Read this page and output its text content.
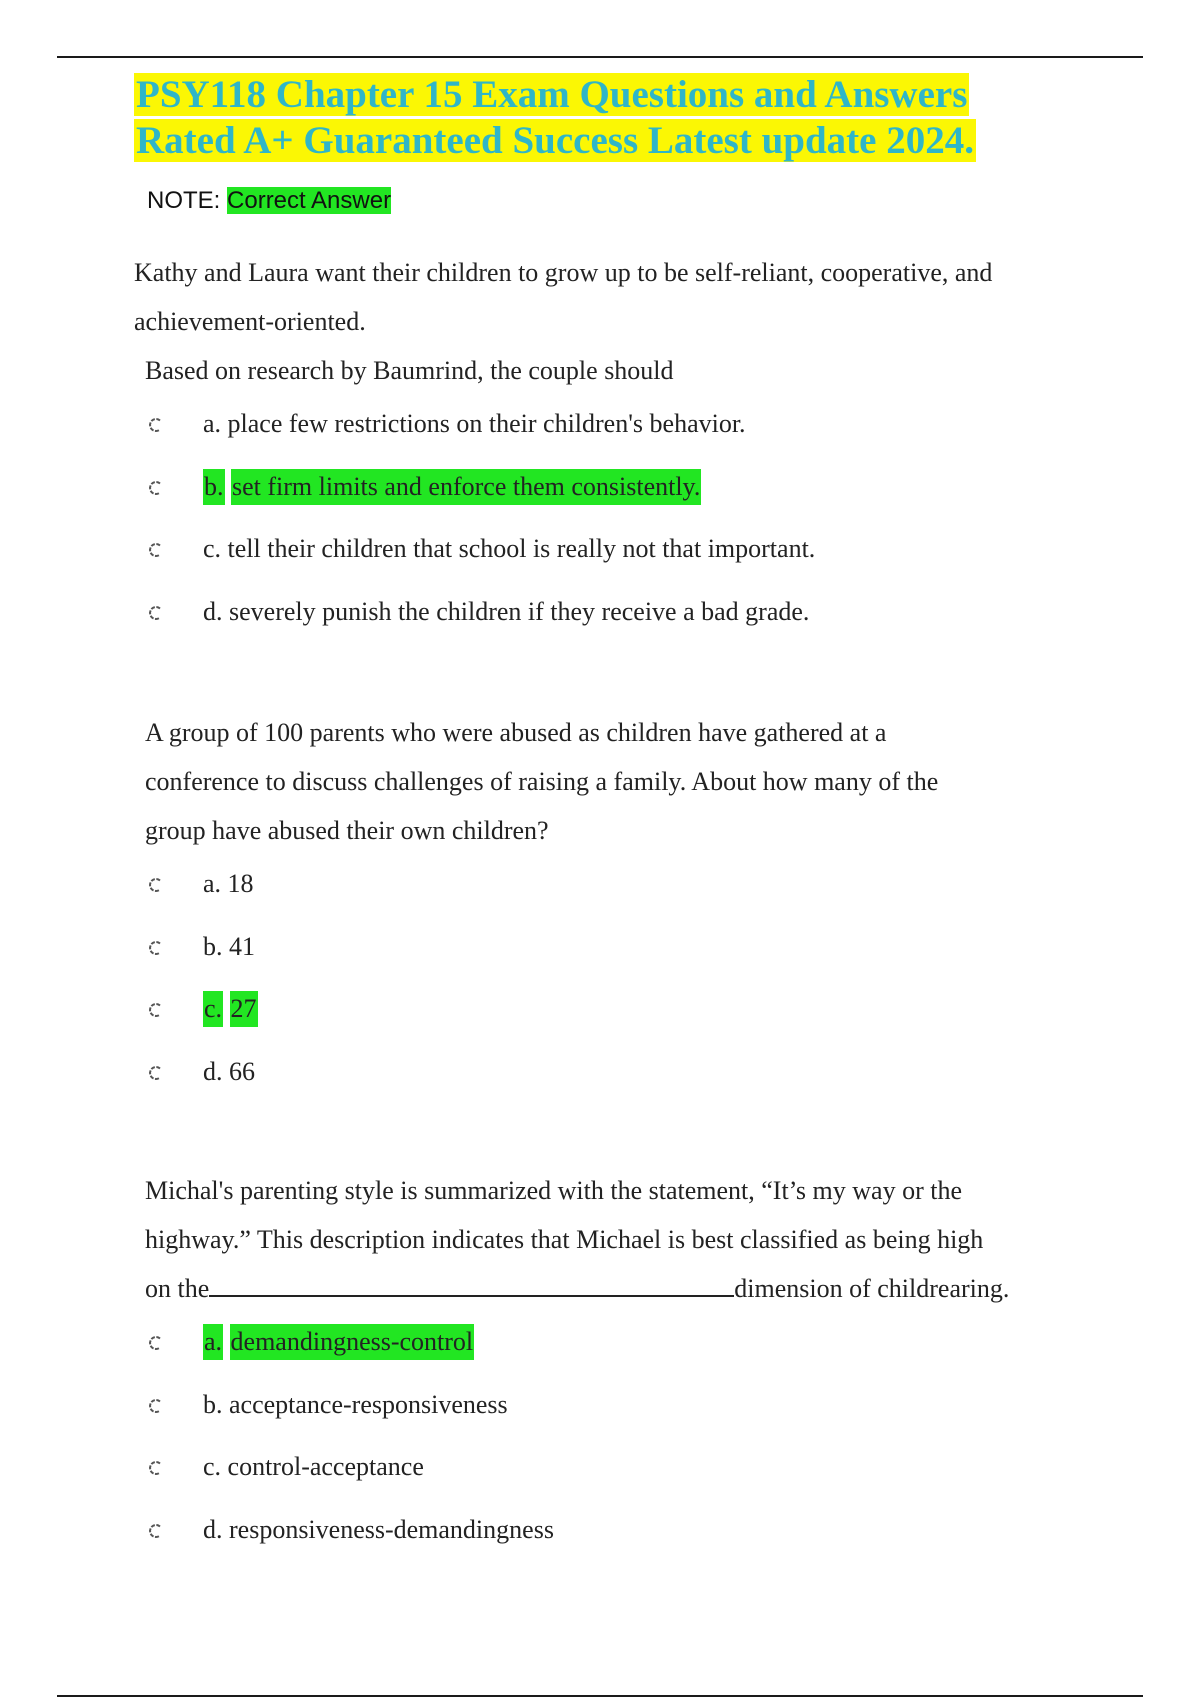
PSY118 Chapter 15 Exam Questions and Answers
Rated A+ Guaranteed Success Latest update 2024.
NOTE: Correct Answer

Kathy and Laura want their children to grow up to be self-reliant, cooperative, and

achievement-oriented.

Based on research by Baumrind, the couple should

a.
place few restrictions on their children's behavior.
b.
set firm limits and enforce them consistently.
c.
tell their children that school is really not that important.
d.
severely punish the children if they receive a bad grade.

A group of 100 parents who were abused as children have gathered at a

conference to discuss challenges of raising a family. About how many of the

group have abused their own children?

a.
18
b.
41
c.
27
d.
66

Michal's parenting style is summarized with the statement, “It’s my way or the

highway.” This description indicates that Michael is best classified as being high

on the	dimension of childrearing.

a.
demandingness-control
b.
acceptance-responsiveness
c.
control-acceptance
d.
responsiveness-demandingness
